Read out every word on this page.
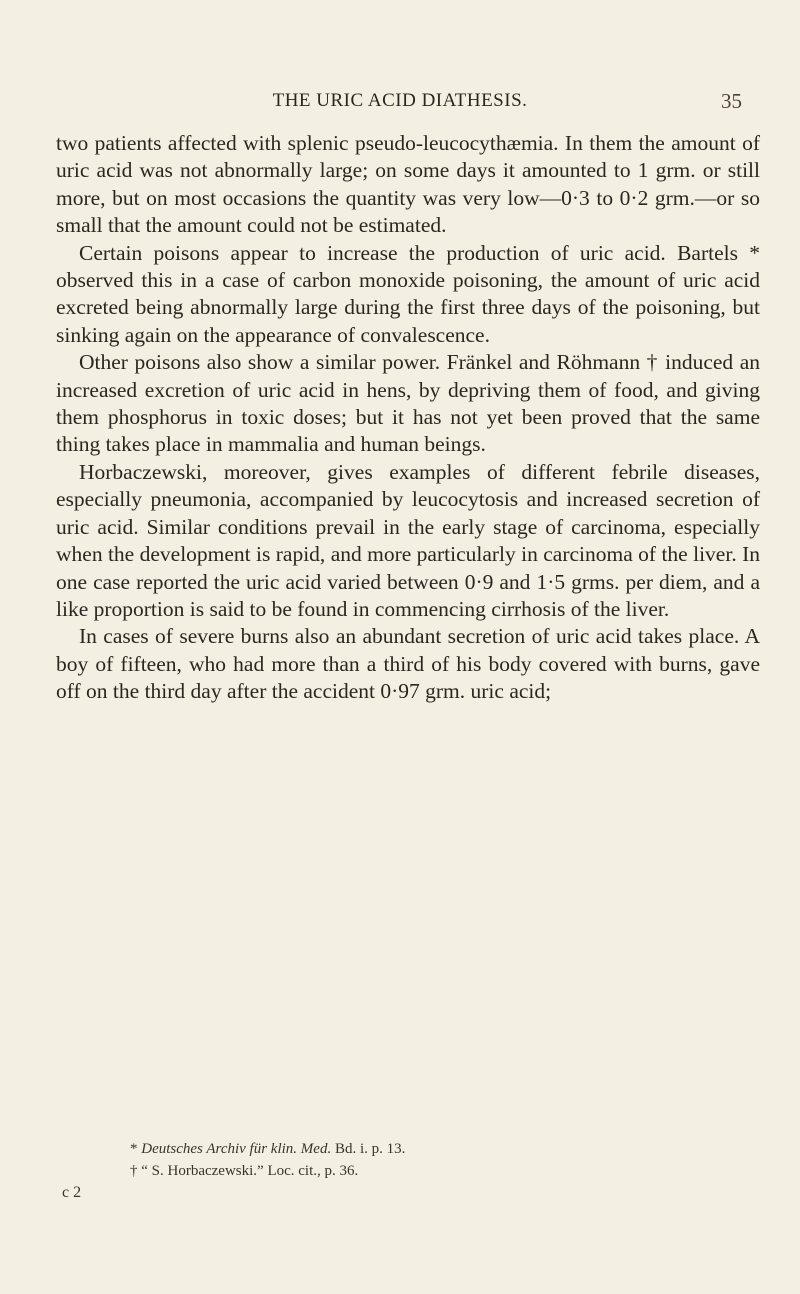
THE URIC ACID DIATHESIS.	35

two patients affected with splenic pseudo-leucocythæmia. In them the amount of uric acid was not abnormally large; on some days it amounted to 1 grm. or still more, but on most occasions the quantity was very low—0·3 to 0·2 grm.—or so small that the amount could not be estimated.

Certain poisons appear to increase the production of uric acid. Bartels * observed this in a case of carbon monoxide poisoning, the amount of uric acid excreted being abnormally large during the first three days of the poisoning, but sinking again on the appearance of convalescence.

Other poisons also show a similar power. Fränkel and Röhmann † induced an increased excretion of uric acid in hens, by depriving them of food, and giving them phosphorus in toxic doses; but it has not yet been proved that the same thing takes place in mammalia and human beings.

Horbaczewski, moreover, gives examples of different febrile diseases, especially pneumonia, accompanied by leucocytosis and increased secretion of uric acid. Similar conditions prevail in the early stage of carcinoma, especially when the development is rapid, and more particularly in carcinoma of the liver. In one case reported the uric acid varied between 0·9 and 1·5 grms. per diem, and a like proportion is said to be found in commencing cirrhosis of the liver.

In cases of severe burns also an abundant secretion of uric acid takes place. A boy of fifteen, who had more than a third of his body covered with burns, gave off on the third day after the accident 0·97 grm. uric acid;

* Deutsches Archiv für klin. Med. Bd. i. p. 13.

† “ S. Horbaczewski.” Loc. cit., p. 36.

c 2
